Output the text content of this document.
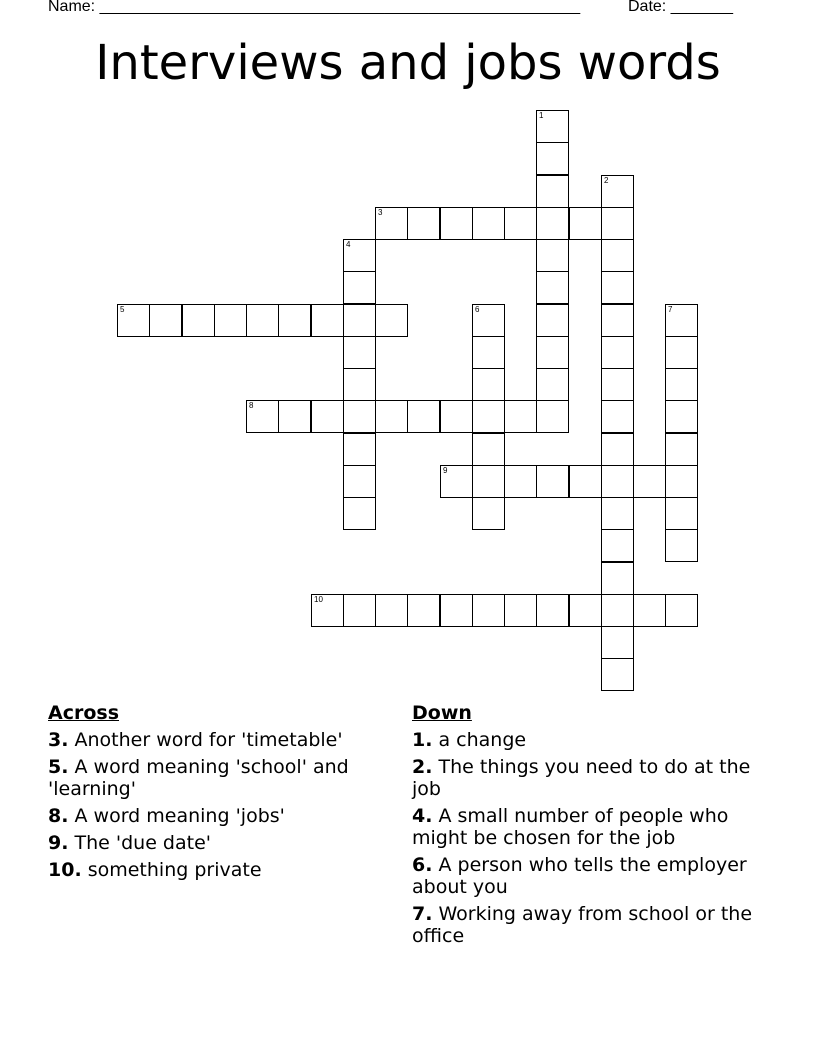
Name: ______________________________________________________	Date: _______
Interviews and jobs words
1
2
3
4
5	6	7
8
9
10
Across
3. Another word for 'timetable'
5. A word meaning 'school' and 'learning'
8. A word meaning 'jobs'
9. The 'due date'
10. something private
Down
1. a change
2. The things you need to do at the job
4. A small number of people who might be chosen for the job
6. A person who tells the employer about you
7. Working away from school or the office
